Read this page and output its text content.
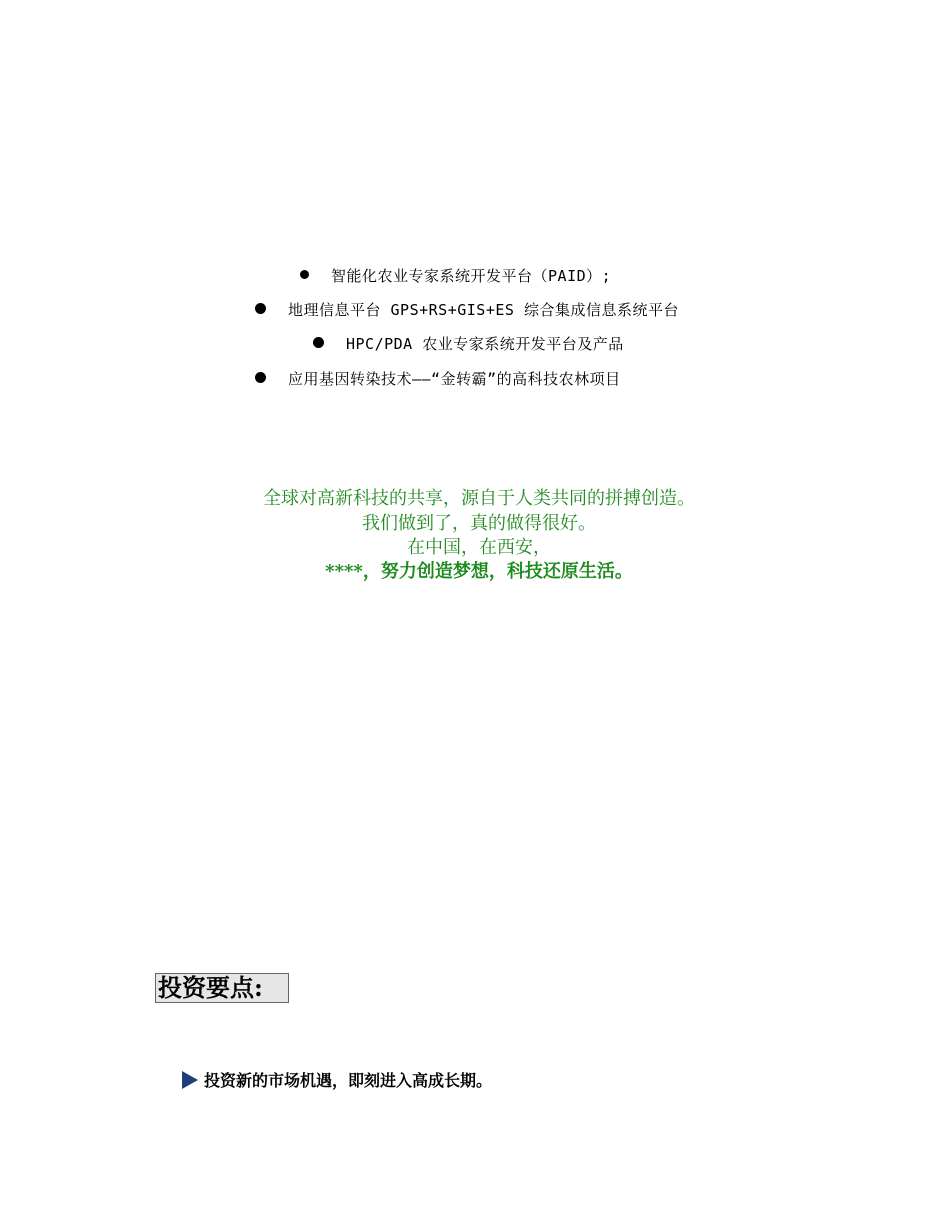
智能化农业专家系统开发平台（PAID）;
地理信息平台 GPS+RS+GIS+ES 综合集成信息系统平台
HPC/PDA 农业专家系统开发平台及产品
应用基因转染技术——“金转霸”的高科技农林项目
全球对高新科技的共享，源自于人类共同的拼搏创造。
我们做到了，真的做得很好。
在中国，在西安，
****，努力创造梦想，科技还原生活。
投资要点:
投资新的市场机遇，即刻进入高成长期。
